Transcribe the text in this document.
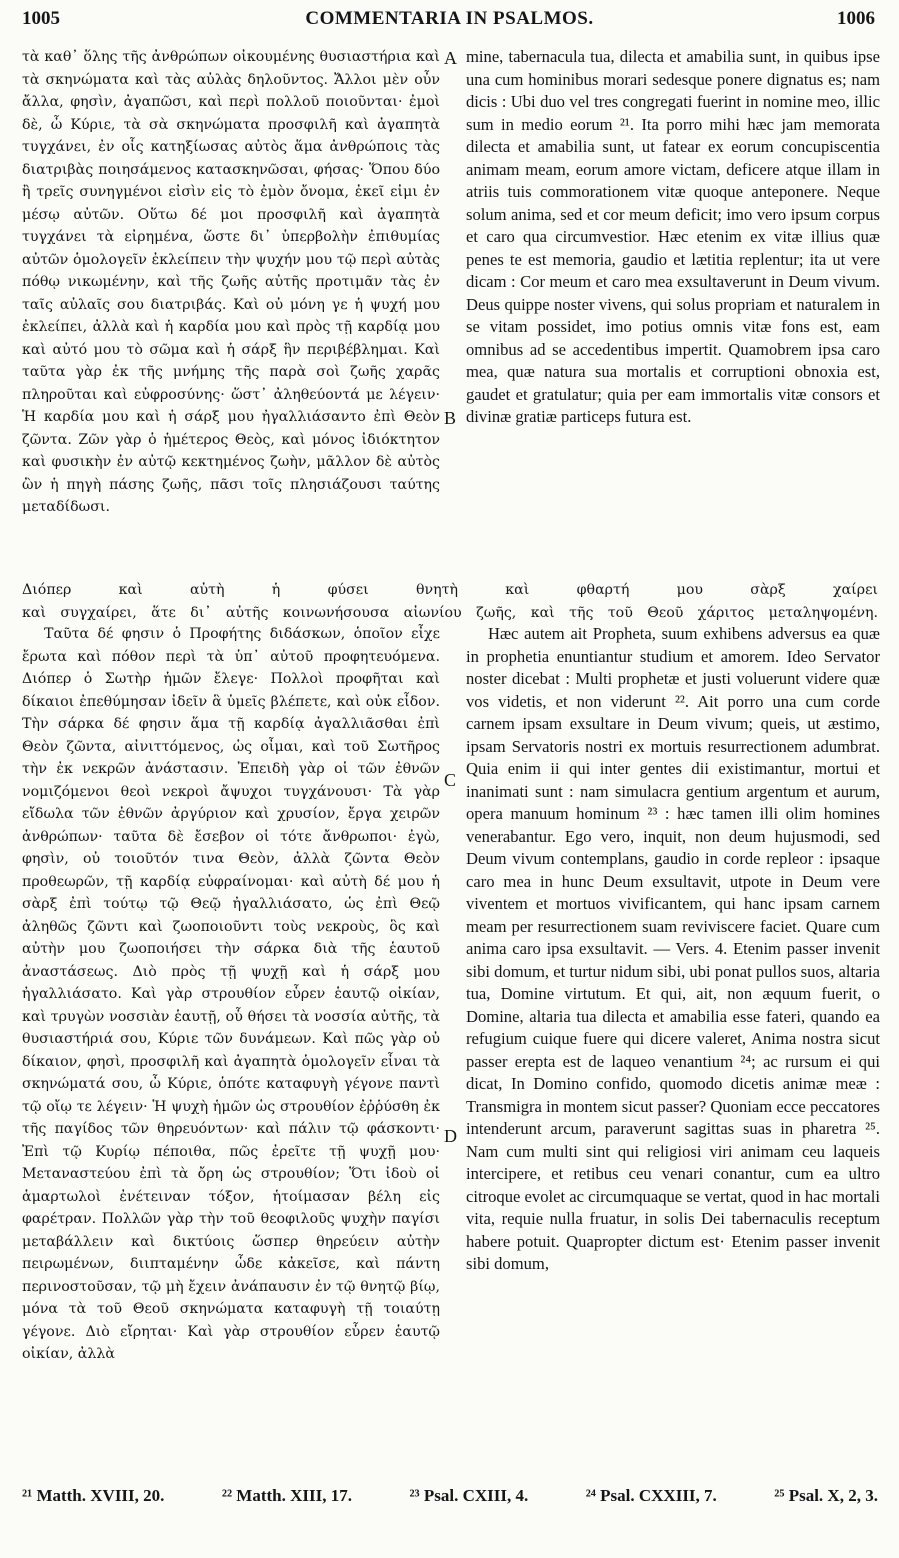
1005	COMMENTARIA IN PSALMOS.	1006
A
B
C
D

τὰ καθ᾽ ὅλης τῆς ἀνθρώπων οἰκουμένης θυσιαστήρια καὶ τὰ σκηνώματα καὶ τὰς αὐλὰς δηλοῦντος. Ἄλλοι μὲν οὖν ἄλλα, φησὶν, ἀγαπῶσι, καὶ περὶ πολλοῦ ποιοῦνται· ἐμοὶ δὲ, ὦ Κύριε, τὰ σὰ σκηνώματα προσφιλῆ καὶ ἀγαπητὰ τυγχάνει, ἐν οἷς κατηξίωσας αὐτὸς ἅμα ἀνθρώποις τὰς διατριβὰς ποιησάμενος κατασκηνῶσαι, φήσας· Ὅπου δύο ἢ τρεῖς συνηγμένοι εἰσὶν εἰς τὸ ἐμὸν ὄνομα, ἐκεῖ εἰμι ἐν μέσῳ αὐτῶν. Οὕτω δέ μοι προσφιλῆ καὶ ἀγαπητὰ τυγχάνει τὰ εἰρημένα, ὥστε δι᾽ ὑπερβολὴν ἐπιθυμίας αὐτῶν ὁμολογεῖν ἐκλείπειν τὴν ψυχήν μου τῷ περὶ αὐτὰς πόθῳ νικωμένην, καὶ τῆς ζωῆς αὐτῆς προτιμᾶν τὰς ἐν ταῖς αὐλαῖς σου διατριβάς. Καὶ οὐ μόνη γε ἡ ψυχή μου ἐκλείπει, ἀλλὰ καὶ ἡ καρδία μου καὶ πρὸς τῇ καρδίᾳ μου καὶ αὐτό μου τὸ σῶμα καὶ ἡ σάρξ ἣν περιβέβλημαι. Καὶ ταῦτα γὰρ ἐκ τῆς μνήμης τῆς παρὰ σοὶ ζωῆς χαρᾶς πληροῦται καὶ εὐφροσύνης· ὥστ᾽ ἀληθεύοντά με λέγειν· Ἡ καρδία μου καὶ ἡ σάρξ μου ἠγαλλιάσαντο ἐπὶ Θεὸν ζῶντα. Ζῶν γὰρ ὁ ἡμέτερος Θεὸς, καὶ μόνος ἰδιόκτητον καὶ φυσικὴν ἐν αὐτῷ κεκτημένος ζωὴν, μᾶλλον δὲ αὐτὸς ὢν ἡ πηγὴ πάσης ζωῆς, πᾶσι τοῖς πλησιάζουσι ταύτης μεταδίδωσι.

mine, tabernacula tua, dilecta et amabilia sunt, in quibus ipse una cum hominibus morari sedesque ponere dignatus es; nam dicis : Ubi duo vel tres congregati fuerint in nomine meo, illic sum in medio eorum ²¹. Ita porro mihi hæc jam memorata dilecta et amabilia sunt, ut fatear ex eorum concupiscentia animam meam, eorum amore victam, deficere atque illam in atriis tuis commorationem vitæ quoque anteponere. Neque solum anima, sed et cor meum deficit; imo vero ipsum corpus et caro qua circumvestior. Hæc etenim ex vitæ illius quæ penes te est memoria, gaudio et lætitia replentur; ita ut vere dicam : Cor meum et caro mea exsultaverunt in Deum vivum. Deus quippe noster vivens, qui solus propriam et naturalem in se vitam possidet, imo potius omnis vitæ fons est, eam omnibus ad se accedentibus impertit. Quamobrem ipsa caro mea, quæ natura sua mortalis et corruptioni obnoxia est, gaudet et gratulatur; quia per eam immortalis vitæ consors et divinæ gratiæ particeps futura est.

Διόπερ καὶ αὐτὴ ἡ φύσει θνητὴ καὶ φθαρτή μου σὰρξ χαίρει

καὶ συγχαίρει, ἅτε δι᾽ αὐτῆς κοινωνήσουσα αἰωνίου ζωῆς, καὶ τῆς τοῦ Θεοῦ χάριτος μεταληψομένη.

Ταῦτα δέ φησιν ὁ Προφήτης διδάσκων, ὁποῖον εἶχε ἔρωτα καὶ πόθον περὶ τὰ ὑπ᾽ αὐτοῦ προφητευόμενα. Διόπερ ὁ Σωτὴρ ἡμῶν ἔλεγε· Πολλοὶ προφῆται καὶ δίκαιοι ἐπεθύμησαν ἰδεῖν ἃ ὑμεῖς βλέπετε, καὶ οὐκ εἶδον. Τὴν σάρκα δέ φησιν ἅμα τῇ καρδίᾳ ἀγαλλιᾶσθαι ἐπὶ Θεὸν ζῶντα, αἰνιττόμενος, ὡς οἶμαι, καὶ τοῦ Σωτῆρος τὴν ἐκ νεκρῶν ἀνάστασιν. Ἐπειδὴ γὰρ οἱ τῶν ἐθνῶν νομιζόμενοι θεοὶ νεκροὶ ἄψυχοι τυγχάνουσι· Τὰ γὰρ εἴδωλα τῶν ἐθνῶν ἀργύριον καὶ χρυσίον, ἔργα χειρῶν ἀνθρώπων· ταῦτα δὲ ἔσεβον οἱ τότε ἄνθρωποι· ἐγὼ, φησὶν, οὐ τοιοῦτόν τινα Θεὸν, ἀλλὰ ζῶντα Θεὸν προθεωρῶν, τῇ καρδίᾳ εὐφραίνομαι· καὶ αὐτὴ δέ μου ἡ σὰρξ ἐπὶ τούτῳ τῷ Θεῷ ἠγαλλιάσατο, ὡς ἐπὶ Θεῷ ἀληθῶς ζῶντι καὶ ζωοποιοῦντι τοὺς νεκροὺς, ὃς καὶ αὐτὴν μου ζωοποιήσει τὴν σάρκα διὰ τῆς ἑαυτοῦ ἀναστάσεως. Διὸ πρὸς τῇ ψυχῇ καὶ ἡ σάρξ μου ἠγαλλιάσατο. Καὶ γὰρ στρουθίον εὗρεν ἑαυτῷ οἰκίαν, καὶ τρυγὼν νοσσιὰν ἑαυτῇ, οὗ θήσει τὰ νοσσία αὐτῆς, τὰ θυσιαστήριά σου, Κύριε τῶν δυνάμεων. Καὶ πῶς γὰρ οὐ δίκαιον, φησὶ, προσφιλῆ καὶ ἀγαπητὰ ὁμολογεῖν εἶναι τὰ σκηνώματά σου, ὦ Κύριε, ὁπότε καταφυγὴ γέγονε παντὶ τῷ οἴῳ τε λέγειν· Ἡ ψυχὴ ἡμῶν ὡς στρουθίον ἐῤῥύσθη ἐκ τῆς παγίδος τῶν θηρευόντων· καὶ πάλιν τῷ φάσκοντι· Ἐπὶ τῷ Κυρίῳ πέποιθα, πῶς ἐρεῖτε τῇ ψυχῇ μου· Μεταναστεύου ἐπὶ τὰ ὄρη ὡς στρουθίον; Ὅτι ἰδοὺ οἱ ἁμαρτωλοὶ ἐνέτειναν τόξον, ἡτοίμασαν βέλη εἰς φαρέτραν. Πολλῶν γὰρ τὴν τοῦ θεοφιλοῦς ψυχὴν παγίσι μεταβάλλειν καὶ δικτύοις ὥσπερ θηρεύειν αὐτὴν πειρωμένων, διιπταμένην ὧδε κἀκεῖσε, καὶ πάντη περινοστοῦσαν, τῷ μὴ ἔχειν ἀνάπαυσιν ἐν τῷ θνητῷ βίῳ, μόνα τὰ τοῦ Θεοῦ σκηνώματα καταφυγὴ τῇ τοιαύτῃ γέγονε. Διὸ εἴρηται· Καὶ γὰρ στρουθίον εὗρεν ἑαυτῷ οἰκίαν, ἀλλὰ

Hæc autem ait Propheta, suum exhibens adversus ea quæ in prophetia enuntiantur studium et amorem. Ideo Servator noster dicebat : Multi prophetæ et justi voluerunt videre quæ vos videtis, et non viderunt ²². Ait porro una cum corde carnem ipsam exsultare in Deum vivum; queis, ut æstimo, ipsam Servatoris nostri ex mortuis resurrectionem adumbrat. Quia enim ii qui inter gentes dii existimantur, mortui et inanimati sunt : nam simulacra gentium argentum et aurum, opera manuum hominum ²³ : hæc tamen illi olim homines venerabantur. Ego vero, inquit, non deum hujusmodi, sed Deum vivum contemplans, gaudio in corde repleor : ipsaque caro mea in hunc Deum exsultavit, utpote in Deum vere viventem et mortuos vivificantem, qui hanc ipsam carnem meam per resurrectionem suam reviviscere faciet. Quare cum anima caro ipsa exsultavit. — Vers. 4. Etenim passer invenit sibi domum, et turtur nidum sibi, ubi ponat pullos suos, altaria tua, Domine virtutum. Et qui, ait, non æquum fuerit, o Domine, altaria tua dilecta et amabilia esse fateri, quando ea refugium cuique fuere qui dicere valeret, Anima nostra sicut passer erepta est de laqueo venantium ²⁴; ac rursum ei qui dicat, In Domino confido, quomodo dicetis animæ meæ : Transmigra in montem sicut passer? Quoniam ecce peccatores intenderunt arcum, paraverunt sagittas suas in pharetra ²⁵. Nam cum multi sint qui religiosi viri animam ceu laqueis intercipere, et retibus ceu venari conantur, cum ea ultro citroque evolet ac circumquaque se vertat, quod in hac mortali vita, requie nulla fruatur, in solis Dei tabernaculis receptum habere potuit. Quapropter dictum est· Etenim passer invenit sibi domum,

²¹ Matth. XVIII, 20.	²² Matth. XIII, 17.	²³ Psal. CXIII, 4.	²⁴ Psal. CXXIII, 7.	²⁵ Psal. X, 2, 3.
